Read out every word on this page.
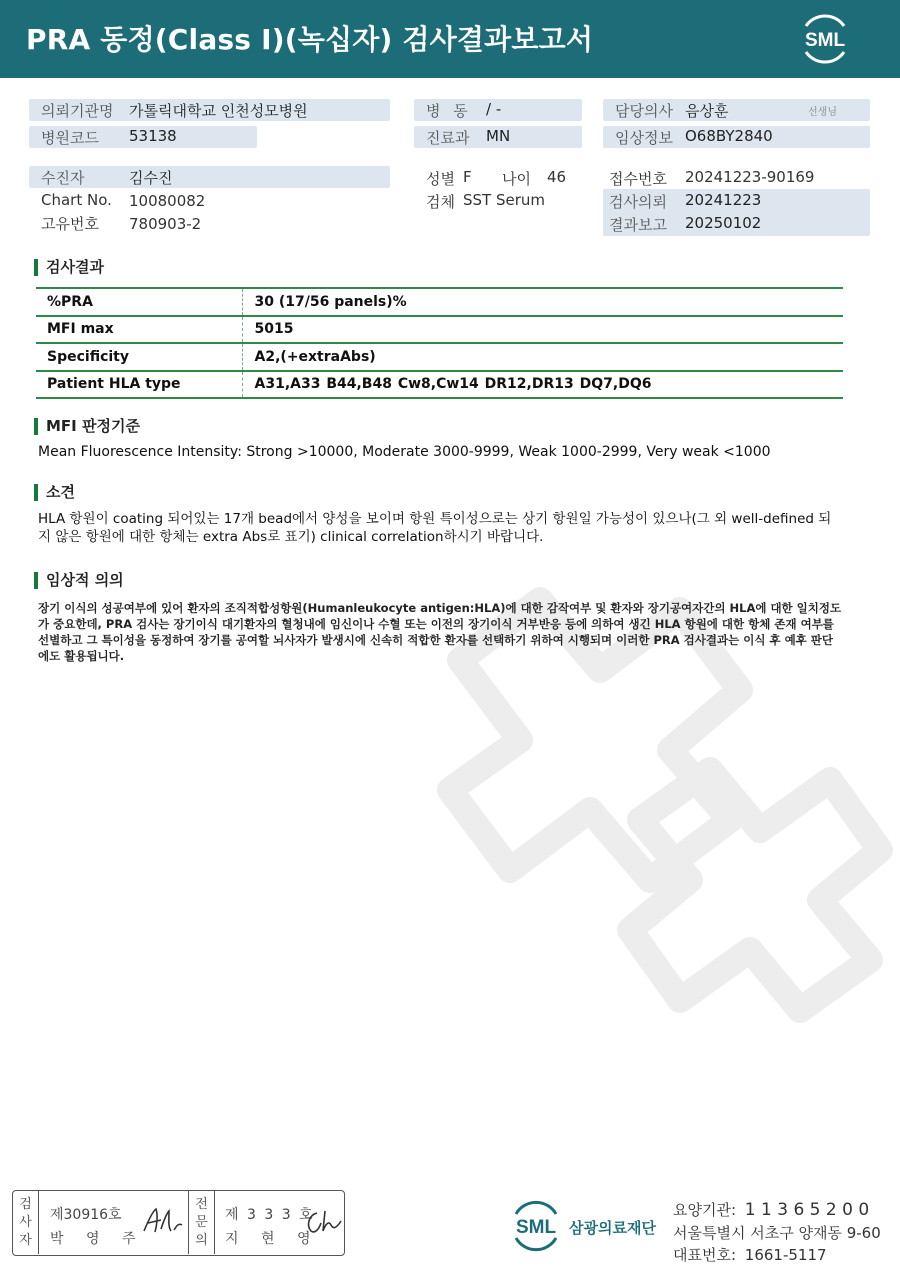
PRA 동정(Class I)(녹십자) 검사결과보고서	SML
의뢰기관명 가톨릭대학교 인천성모병원
병원코드 53138
수진자	김수진
Chart No. 10080082
고유번호 780903-2
병 동 / -
진료과 MN
성별 F 나이 46
검체 SST Serum
담당의사 음상훈	선생님
임상정보 O68BY2840
접수번호 20241223-90169
검사의뢰 20241223
결과보고 20250102
검사결과
%PRA	30 (17/56 panels)%
MFI max	5015
Specificity	A2,(+extraAbs)
Patient HLA type	A31,A33 B44,B48 Cw8,Cw14 DR12,DR13 DQ7,DQ6
MFI 판정기준
Mean Fluorescence Intensity: Strong >10000, Moderate 3000-9999, Weak 1000-2999, Very weak <1000
소견
HLA 항원이 coating 되어있는 17개 bead에서 양성을 보이며 항원 특이성으로는 상기 항원일 가능성이 있으나(그 외 well-defined 되지 않은 항원에 대한 항체는 extra Abs로 표기) clinical correlation하시기 바랍니다.
임상적 의의
장기 이식의 성공여부에 있어 환자의 조직적합성항원(Humanleukocyte antigen:HLA)에 대한 감작여부 및 환자와 장기공여자간의 HLA에 대한 일치정도가 중요한데, PRA 검사는 장기이식 대기환자의 혈청내에 임신이나 수혈 또는 이전의 장기이식 거부반응 등에 의하여 생긴 HLA 항원에 대한 항체 존재 여부를 선별하고 그 특이성을 동정하여 장기를 공여할 뇌사자가 발생시에 신속히 적합한 환자를 선택하기 위하여 시행되며 이러한 PRA 검사결과는 이식 후 예후 판단에도 활용됩니다.
검
사
자
제30916호
박 영 주
전
문
의
제 3 3 3 호
지 현 영
SML 삼광의료재단
요양기관: 1 1 3 6 5 2 0 0
서울특별시 서초구 양재동 9-60
대표번호: 1661-5117
